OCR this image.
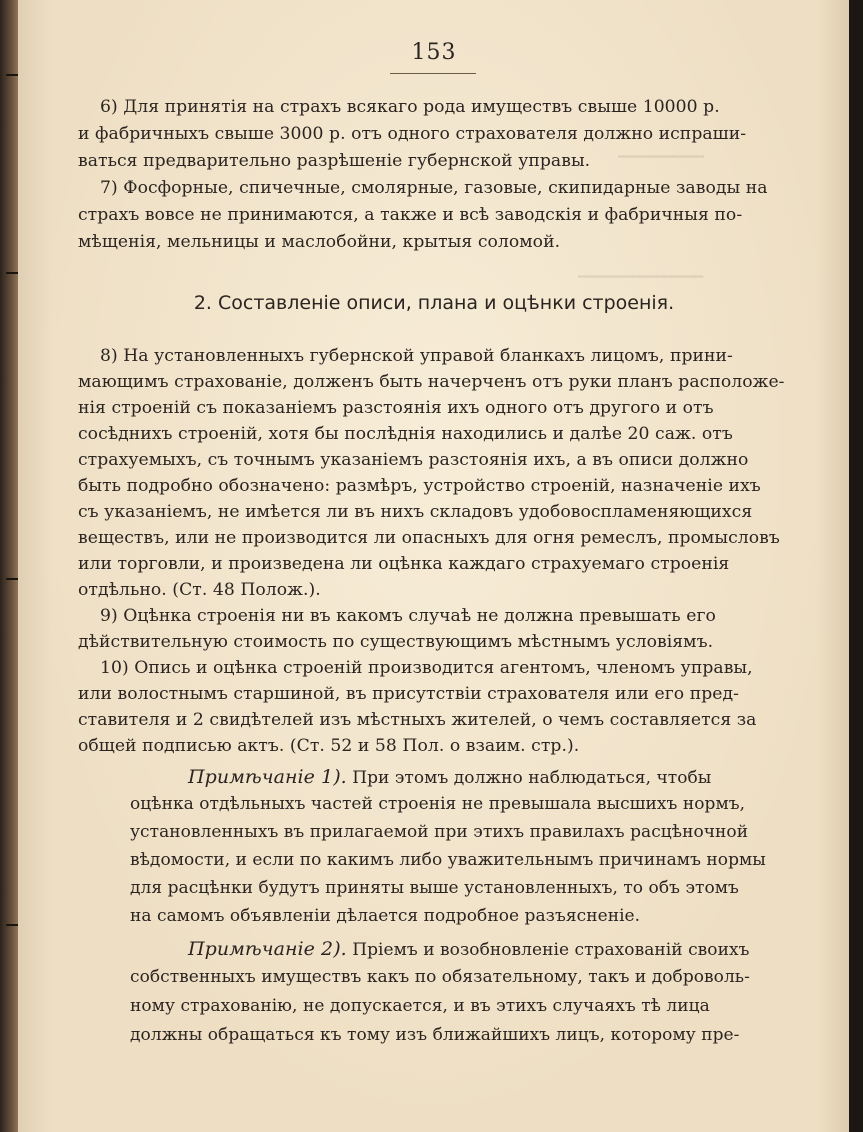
153
━━━━━━━━━━━
━━━━━━━━━━━━━━━━
6) Для принятія на страхъ всякаго рода имуществъ свыше 10000 р.
и фабричныхъ свыше 3000 р. отъ одного страхователя должно испраши-
ваться предварительно разрѣшеніе губернской управы.
7) Фосфорные, спичечные, смолярные, газовые, скипидарные заводы на
страхъ вовсе не принимаются, а также и всѣ заводскія и фабричныя по-
мѣщенія, мельницы и маслобойни, крытыя соломой.
2. Составленіе описи, плана и оцѣнки строенія.
8) На установленныхъ губернской управой бланкахъ лицомъ, прини-
мающимъ страхованіе, долженъ быть начерченъ отъ руки планъ расположе-
нія строеній съ показаніемъ разстоянія ихъ одного отъ другого и отъ
сосѣднихъ строеній, хотя бы послѣднія находились и далѣе 20 саж. отъ
страхуемыхъ, съ точнымъ указаніемъ разстоянія ихъ, а въ описи должно
быть подробно обозначено: размѣръ, устройство строеній, назначеніе ихъ
съ указаніемъ, не имѣется ли въ нихъ складовъ удобовоспламеняющихся
веществъ, или не производится ли опасныхъ для огня ремеслъ, промысловъ
или торговли, и произведена ли оцѣнка каждаго страхуемаго строенія
отдѣльно. (Ст. 48 Полож.).
9) Оцѣнка строенія ни въ какомъ случаѣ не должна превышать его
дѣйствительную стоимость по существующимъ мѣстнымъ условіямъ.
10) Опись и оцѣнка строеній производится агентомъ, членомъ управы,
или волостнымъ старшиной, въ присутствіи страхователя или его пред-
ставителя и 2 свидѣтелей изъ мѣстныхъ жителей, о чемъ составляется за
общей подписью актъ. (Ст. 52 и 58 Пол. о взаим. стр.).
Примѣчаніе 1). При этомъ должно наблюдаться, чтобы
оцѣнка отдѣльныхъ частей строенія не превышала высшихъ нормъ,
установленныхъ въ прилагаемой при этихъ правилахъ расцѣночной
вѣдомости, и если по какимъ либо уважительнымъ причинамъ нормы
для расцѣнки будутъ приняты выше установленныхъ, то объ этомъ
на самомъ объявленіи дѣлается подробное разъясненіе.
Примѣчаніе 2). Пріемъ и возобновленіе страхованій своихъ
собственныхъ имуществъ какъ по обязательному, такъ и доброволь-
ному страхованію, не допускается, и въ этихъ случаяхъ тѣ лица
должны обращаться къ тому изъ ближайшихъ лицъ, которому пре-
